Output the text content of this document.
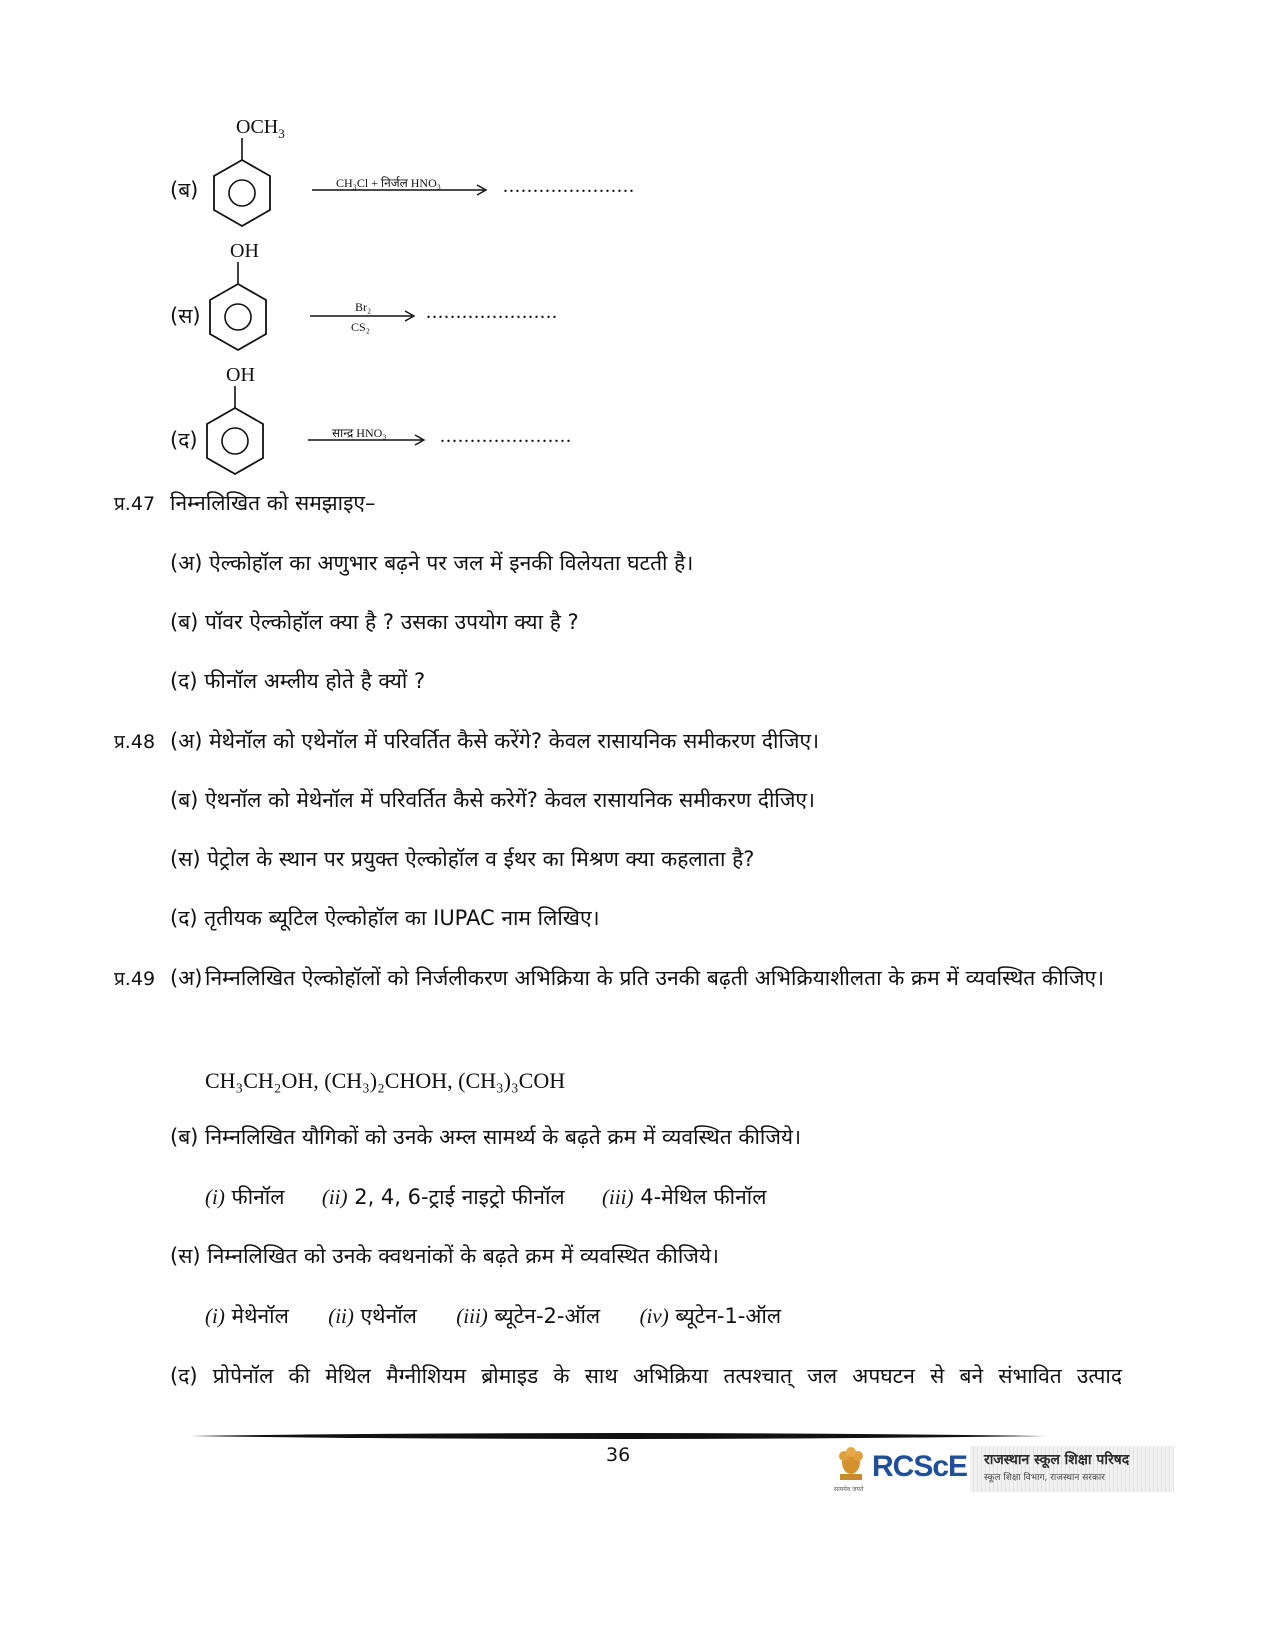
$OCH_3$
(ब)	CH₃Cl + निर्जल HNO₃	......................
OH
(स)	Br₂
CS₂
......................
OH
(द)	सान्द्र HNO₃	......................
प्र.47 निम्नलिखित को समझाइए–
(अ) ऐल्कोहॉल का अणुभार बढ़ने पर जल में इनकी विलेयता घटती है।
(ब) पॉवर ऐल्कोहॉल क्या है ? उसका उपयोग क्या है ?
(द) फीनॉल अम्लीय होते है क्यों ?
प्र.48 (अ) मेथेनॉल को एथेनॉल में परिवर्तित कैसे करेंगे? केवल रासायनिक समीकरण दीजिए।
(ब) ऐथनॉल को मेथेनॉल में परिवर्तित कैसे करेगें? केवल रासायनिक समीकरण दीजिए।
(स) पेट्रोल के स्थान पर प्रयुक्त ऐल्कोहॉल व ईथर का मिश्रण क्या कहलाता है?
(द) तृतीयक ब्यूटिल ऐल्कोहॉल का IUPAC नाम लिखिए।
प्र.49 (अ) निम्नलिखित ऐल्कोहॉलों को निर्जलीकरण अभिक्रिया के प्रति उनकी बढ़ती अभिक्रियाशीलता के क्रम में व्यवस्थित कीजिए।
CH₃CH₂OH, (CH₃)₂CHOH, (CH₃)₃COH
(ब) निम्नलिखित यौगिकों को उनके अम्ल सामर्थ्य के बढ़ते क्रम में व्यवस्थित कीजिये।
(i) फीनॉल (ii) 2, 4, 6-ट्राई नाइट्रो फीनॉल (iii) 4-मेथिल फीनॉल
(स) निम्नलिखित को उनके क्वथनांकों के बढ़ते क्रम में व्यवस्थित कीजिये।
(i) मेथेनॉल (ii) एथेनॉल (iii) ब्यूटेन-2-ऑल (iv) ब्यूटेन-1-ऑल
(द) प्रोपेनॉल की मेथिल मैग्नीशियम ब्रोमाइड के साथ अभिक्रिया तत्पश्चात् जल अपघटन से बने संभावित उत्पाद
36
सत्यमेव जयते
RCScE राजस्थान स्कूल शिक्षा परिषद
स्कूल शिक्षा विभाग, राजस्थान सरकार
